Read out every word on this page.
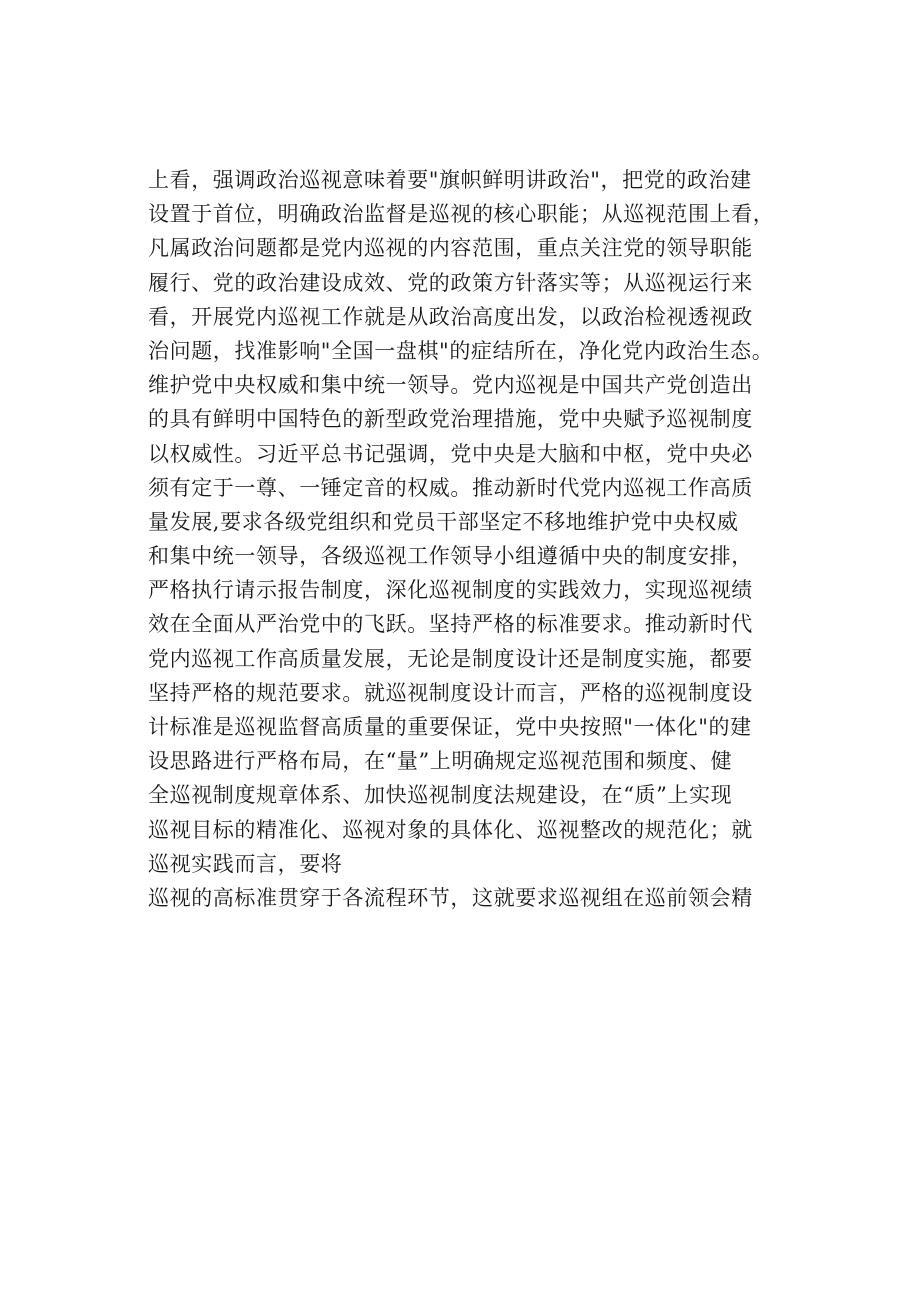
上看，强调政治巡视意味着要"旗帜鲜明讲政治"，把党的政治建
设置于首位，明确政治监督是巡视的核心职能；从巡视范围上看，
凡属政治问题都是党内巡视的内容范围，重点关注党的领导职能
履行、党的政治建设成效、党的政策方针落实等；从巡视运行来
看，开展党内巡视工作就是从政治高度出发，以政治检视透视政
治问题，找准影响"全国一盘棋"的症结所在，净化党内政治生态。
维护党中央权威和集中统一领导。党内巡视是中国共产党创造出
的具有鲜明中国特色的新型政党治理措施，党中央赋予巡视制度
以权威性。习近平总书记强调，党中央是大脑和中枢，党中央必
须有定于一尊、一锤定音的权威。推动新时代党内巡视工作高质
量发展,要求各级党组织和党员干部坚定不移地维护党中央权威
和集中统一领导，各级巡视工作领导小组遵循中央的制度安排，
严格执行请示报告制度，深化巡视制度的实践效力，实现巡视绩
效在全面从严治党中的飞跃。坚持严格的标准要求。推动新时代
党内巡视工作高质量发展，无论是制度设计还是制度实施，都要
坚持严格的规范要求。就巡视制度设计而言，严格的巡视制度设
计标准是巡视监督高质量的重要保证，党中央按照"一体化"的建
设思路进行严格布局，在“量”上明确规定巡视范围和频度、健
全巡视制度规章体系、加快巡视制度法规建设，在“质”上实现
巡视目标的精准化、巡视对象的具体化、巡视整改的规范化；就
巡视实践而言，要将
巡视的高标准贯穿于各流程环节，这就要求巡视组在巡前领会精
